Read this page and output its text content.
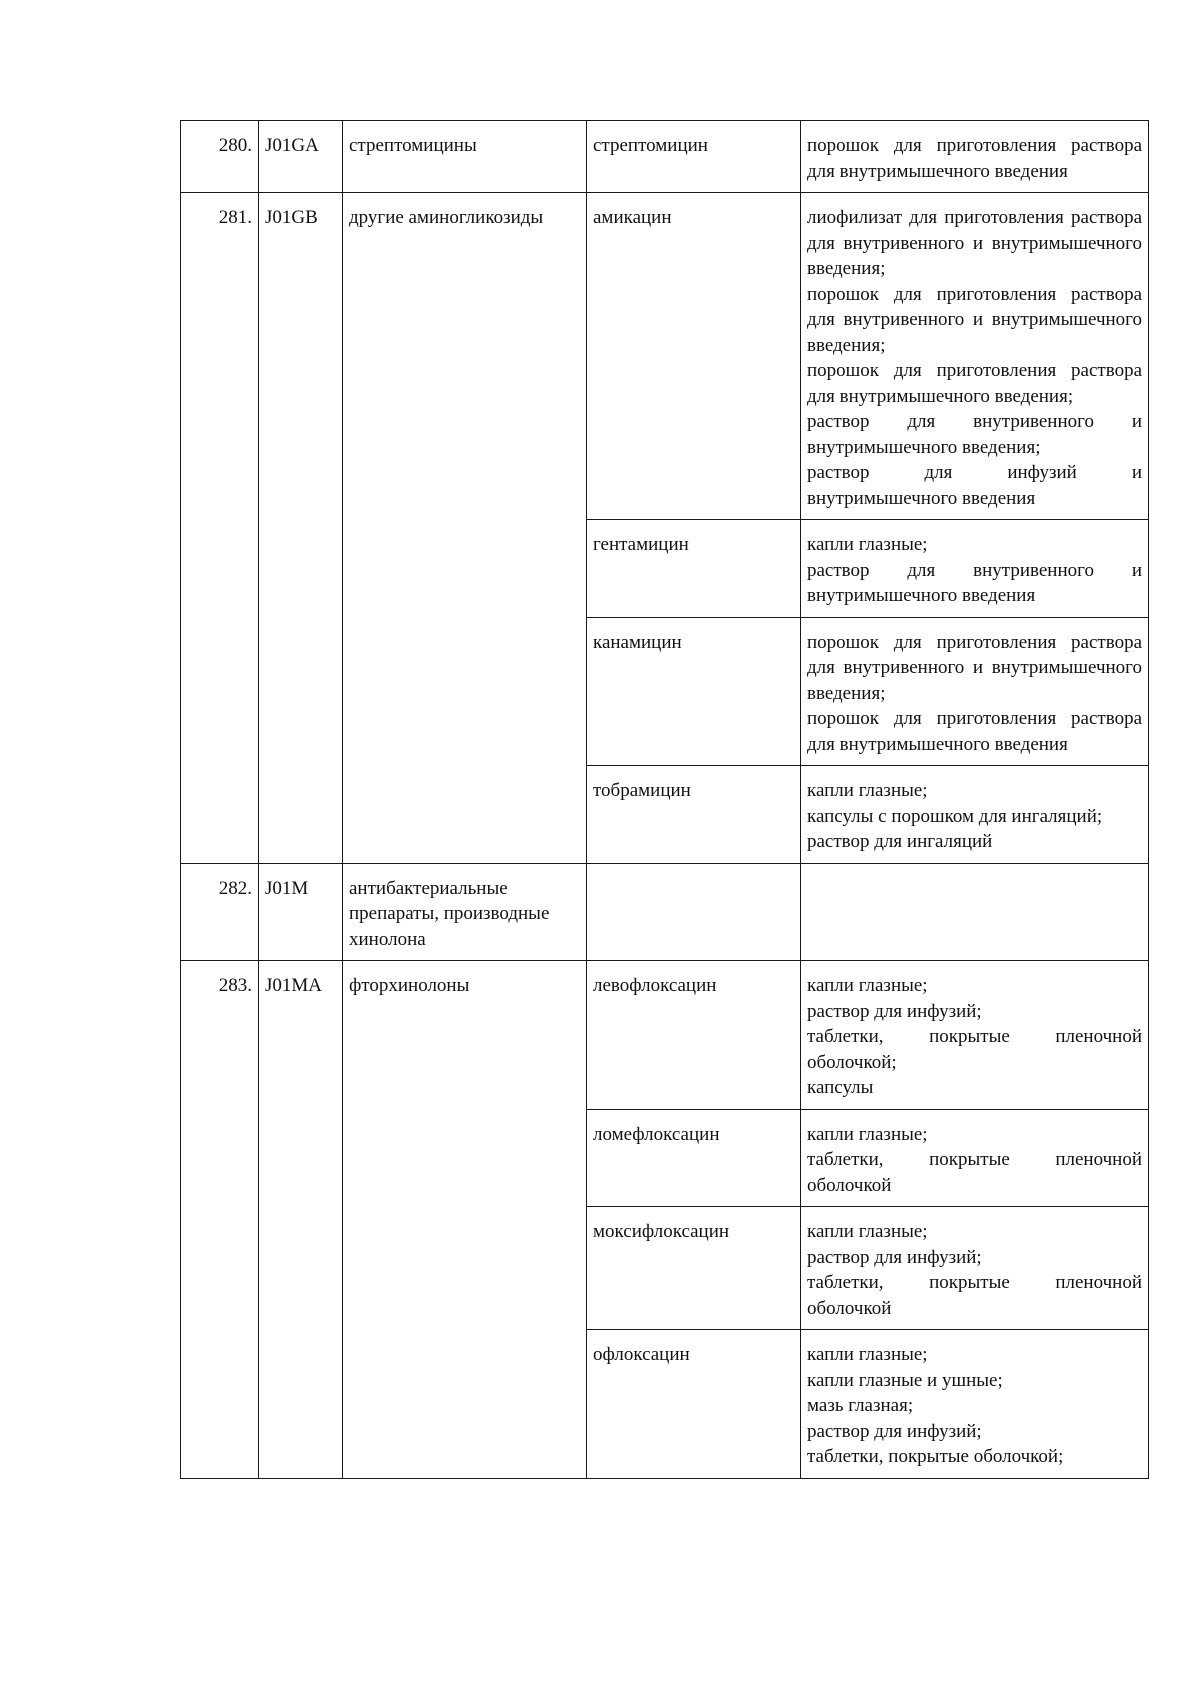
280.	J01GA	стрептомицины	стрептомицин	порошок для приготовления раствора для внутримышечного введения

281.	J01GB	другие аминогликозиды	амикацин	лиофилизат для приготовления раствора для внутривенного и внутримышечного введения;
порошок для приготовления раствора для внутривенного и внутримышечного введения;
порошок для приготовления раствора для внутримышечного введения;
раствор для внутривенного и внутримышечного введения;
раствор для инфузий и внутримышечного введения

			гентамицин	капли глазные;
раствор для внутривенного и внутримышечного введения

			канамицин	порошок для приготовления раствора для внутривенного и внутримышечного введения;
порошок для приготовления раствора для внутримышечного введения

			тобрамицин	капли глазные;
капсулы с порошком для ингаляций;
раствор для ингаляций

282.	J01M	антибактериальные препараты, производные хинолона		

283.	J01MA	фторхинолоны	левофлоксацин	капли глазные;
раствор для инфузий;
таблетки, покрытые пленочной оболочкой;
капсулы

			ломефлоксацин	капли глазные;
таблетки, покрытые пленочной оболочкой

			моксифлоксацин	капли глазные;
раствор для инфузий;
таблетки, покрытые пленочной оболочкой

			офлоксацин	капли глазные;
капли глазные и ушные;
мазь глазная;
раствор для инфузий;
таблетки, покрытые оболочкой;
